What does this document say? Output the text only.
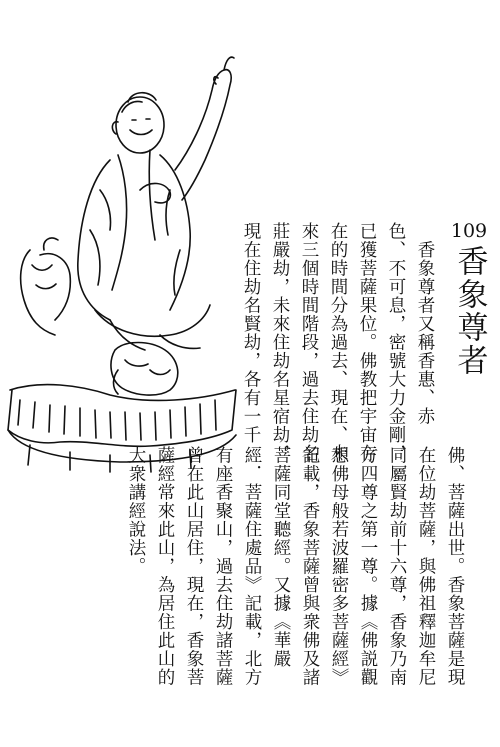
109
香象尊者
　香象尊者又稱香惠、赤
色、不可息，密號大力金剛，
已獲菩薩果位。佛教把宇宙存
在的時間分為過去、現在、未
來三個時間階段，過去住劫名
莊嚴劫，未來住劫名星宿劫，
現在住劫名賢劫，各有一千
佛、菩薩出世。香象菩薩是現
在位劫菩薩，與佛祖釋迦牟尼
同屬賢劫前十六尊，香象乃南
方四尊之第一尊。據《佛説觀
想佛母般若波羅密多菩薩經》
記載，香象菩薩曾與衆佛及諸
菩薩同堂聽經。又據《華嚴
經．菩薩住處品》記載，北方
有座香聚山，過去住劫諸菩薩
曾在此山居住，現在，香象菩
薩經常來此山，為居住此山的
大衆講經說法。
